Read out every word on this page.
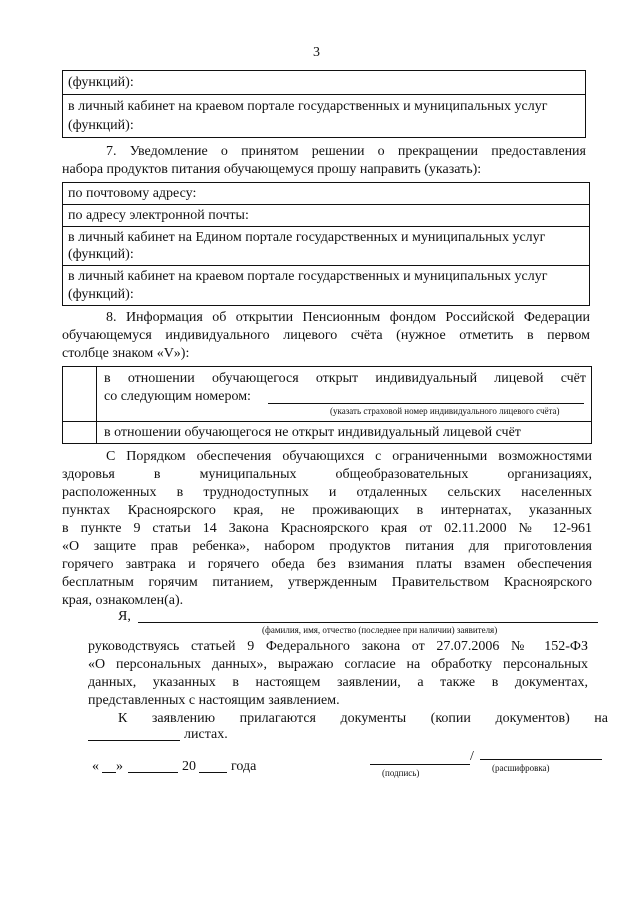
3
(функций):
в личный кабинет на краевом портале государственных и муниципальных услуг
(функций):
7. Уведомление о принятом решении о прекращении предоставления
набора продуктов питания обучающемуся прошу направить (указать):
по почтовому адресу:
по адресу электронной почты:
в личный кабинет на Едином портале государственных и муниципальных услуг
(функций):
в личный кабинет на краевом портале государственных и муниципальных услуг
(функций):
8. Информация об открытии Пенсионным фондом Российской Федерации
обучающемуся индивидуального лицевого счёта (нужное отметить в первом
столбце знаком «V»):
в отношении обучающегося открыт индивидуальный лицевой счёт
со следующим номером:
(указать страховой номер индивидуального лицевого счёта)
в отношении обучающегося не открыт индивидуальный лицевой счёт
С Порядком обеспечения обучающихся с ограниченными возможностями
здоровья в муниципальных общеобразовательных организациях,
расположенных в труднодоступных и отдаленных сельских населенных
пунктах Красноярского края, не проживающих в интернатах, указанных
в пункте 9 статьи 14 Закона Красноярского края от 02.11.2000 № 12-961
«О защите прав ребенка», набором продуктов питания для приготовления
горячего завтрака и горячего обеда без взимания платы взамен обеспечения
бесплатным горячим питанием, утвержденным Правительством Красноярского
края, ознакомлен(а).
Я,
(фамилия, имя, отчество (последнее при наличии) заявителя)
руководствуясь статьей 9 Федерального закона от 27.07.2006 № 152-ФЗ
«О персональных данных», выражаю согласие на обработку персональных
данных, указанных в настоящем заявлении, а также в документах,
представленных с настоящим заявлением.
К заявлению прилагаются документы (копии документов) на
листах.
« »	20	года
/
(подпись)	(расшифровка)
